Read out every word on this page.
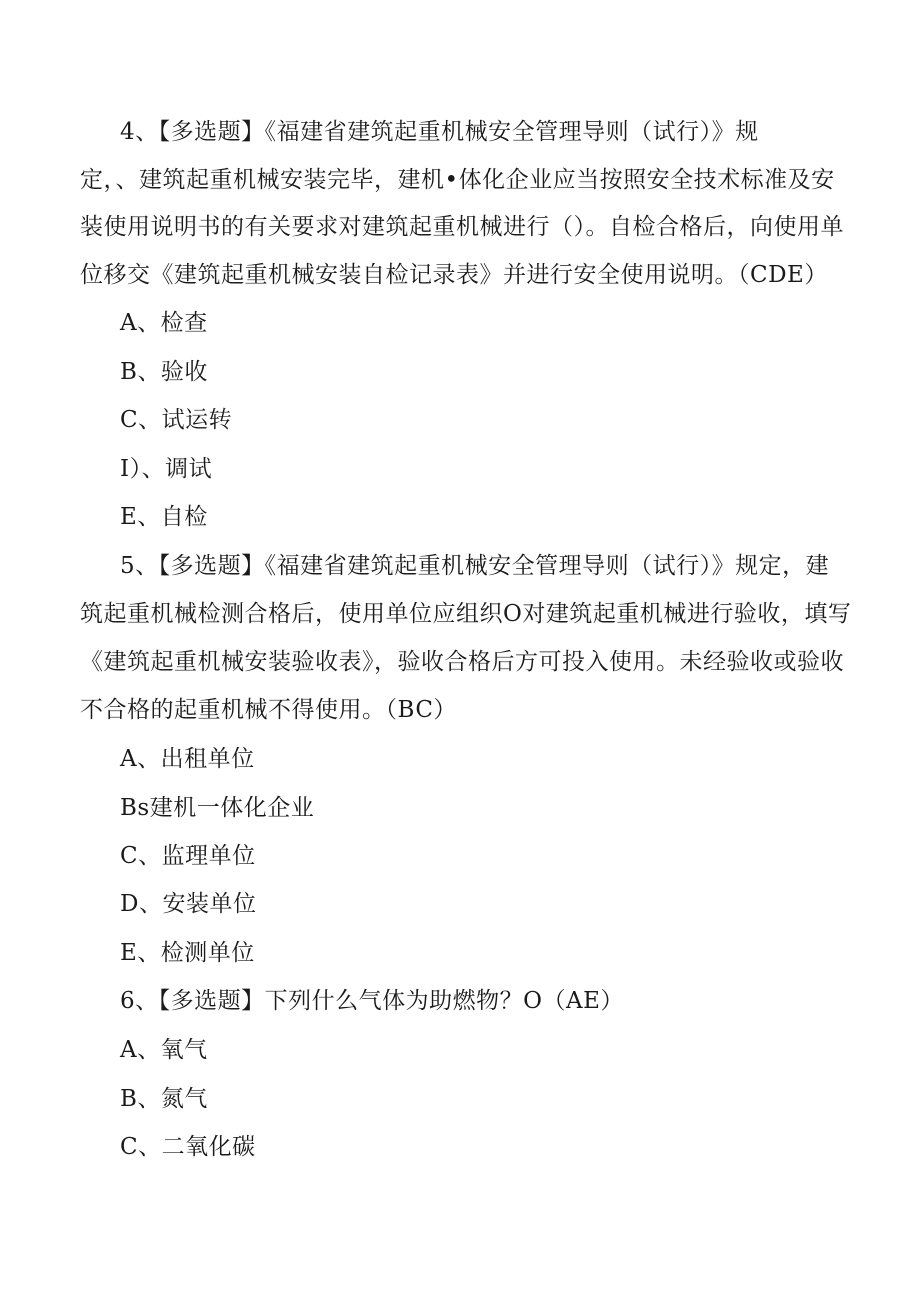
4、【多选题】《福建省建筑起重机械安全管理导则（试行）》规
定，、建筑起重机械安装完毕，建机•体化企业应当按照安全技术标准及安
装使用说明书的有关要求对建筑起重机械进行（）。自检合格后，向使用单
位移交《建筑起重机械安装自检记录表》并进行安全使用说明。（CDE）
A、检查
B、验收
C、试运转
I）、调试
E、自检
5、【多选题】《福建省建筑起重机械安全管理导则（试行）》规定，建
筑起重机械检测合格后，使用单位应组织O对建筑起重机械进行验收，填写
《建筑起重机械安装验收表》，验收合格后方可投入使用。未经验收或验收
不合格的起重机械不得使用。（BC）
A、出租单位
Bs建机一体化企业
C、监理单位
D、安装单位
E、检测单位
6、【多选题】下列什么气体为助燃物？O（AE）
A、氧气
B、氮气
C、二氧化碳
